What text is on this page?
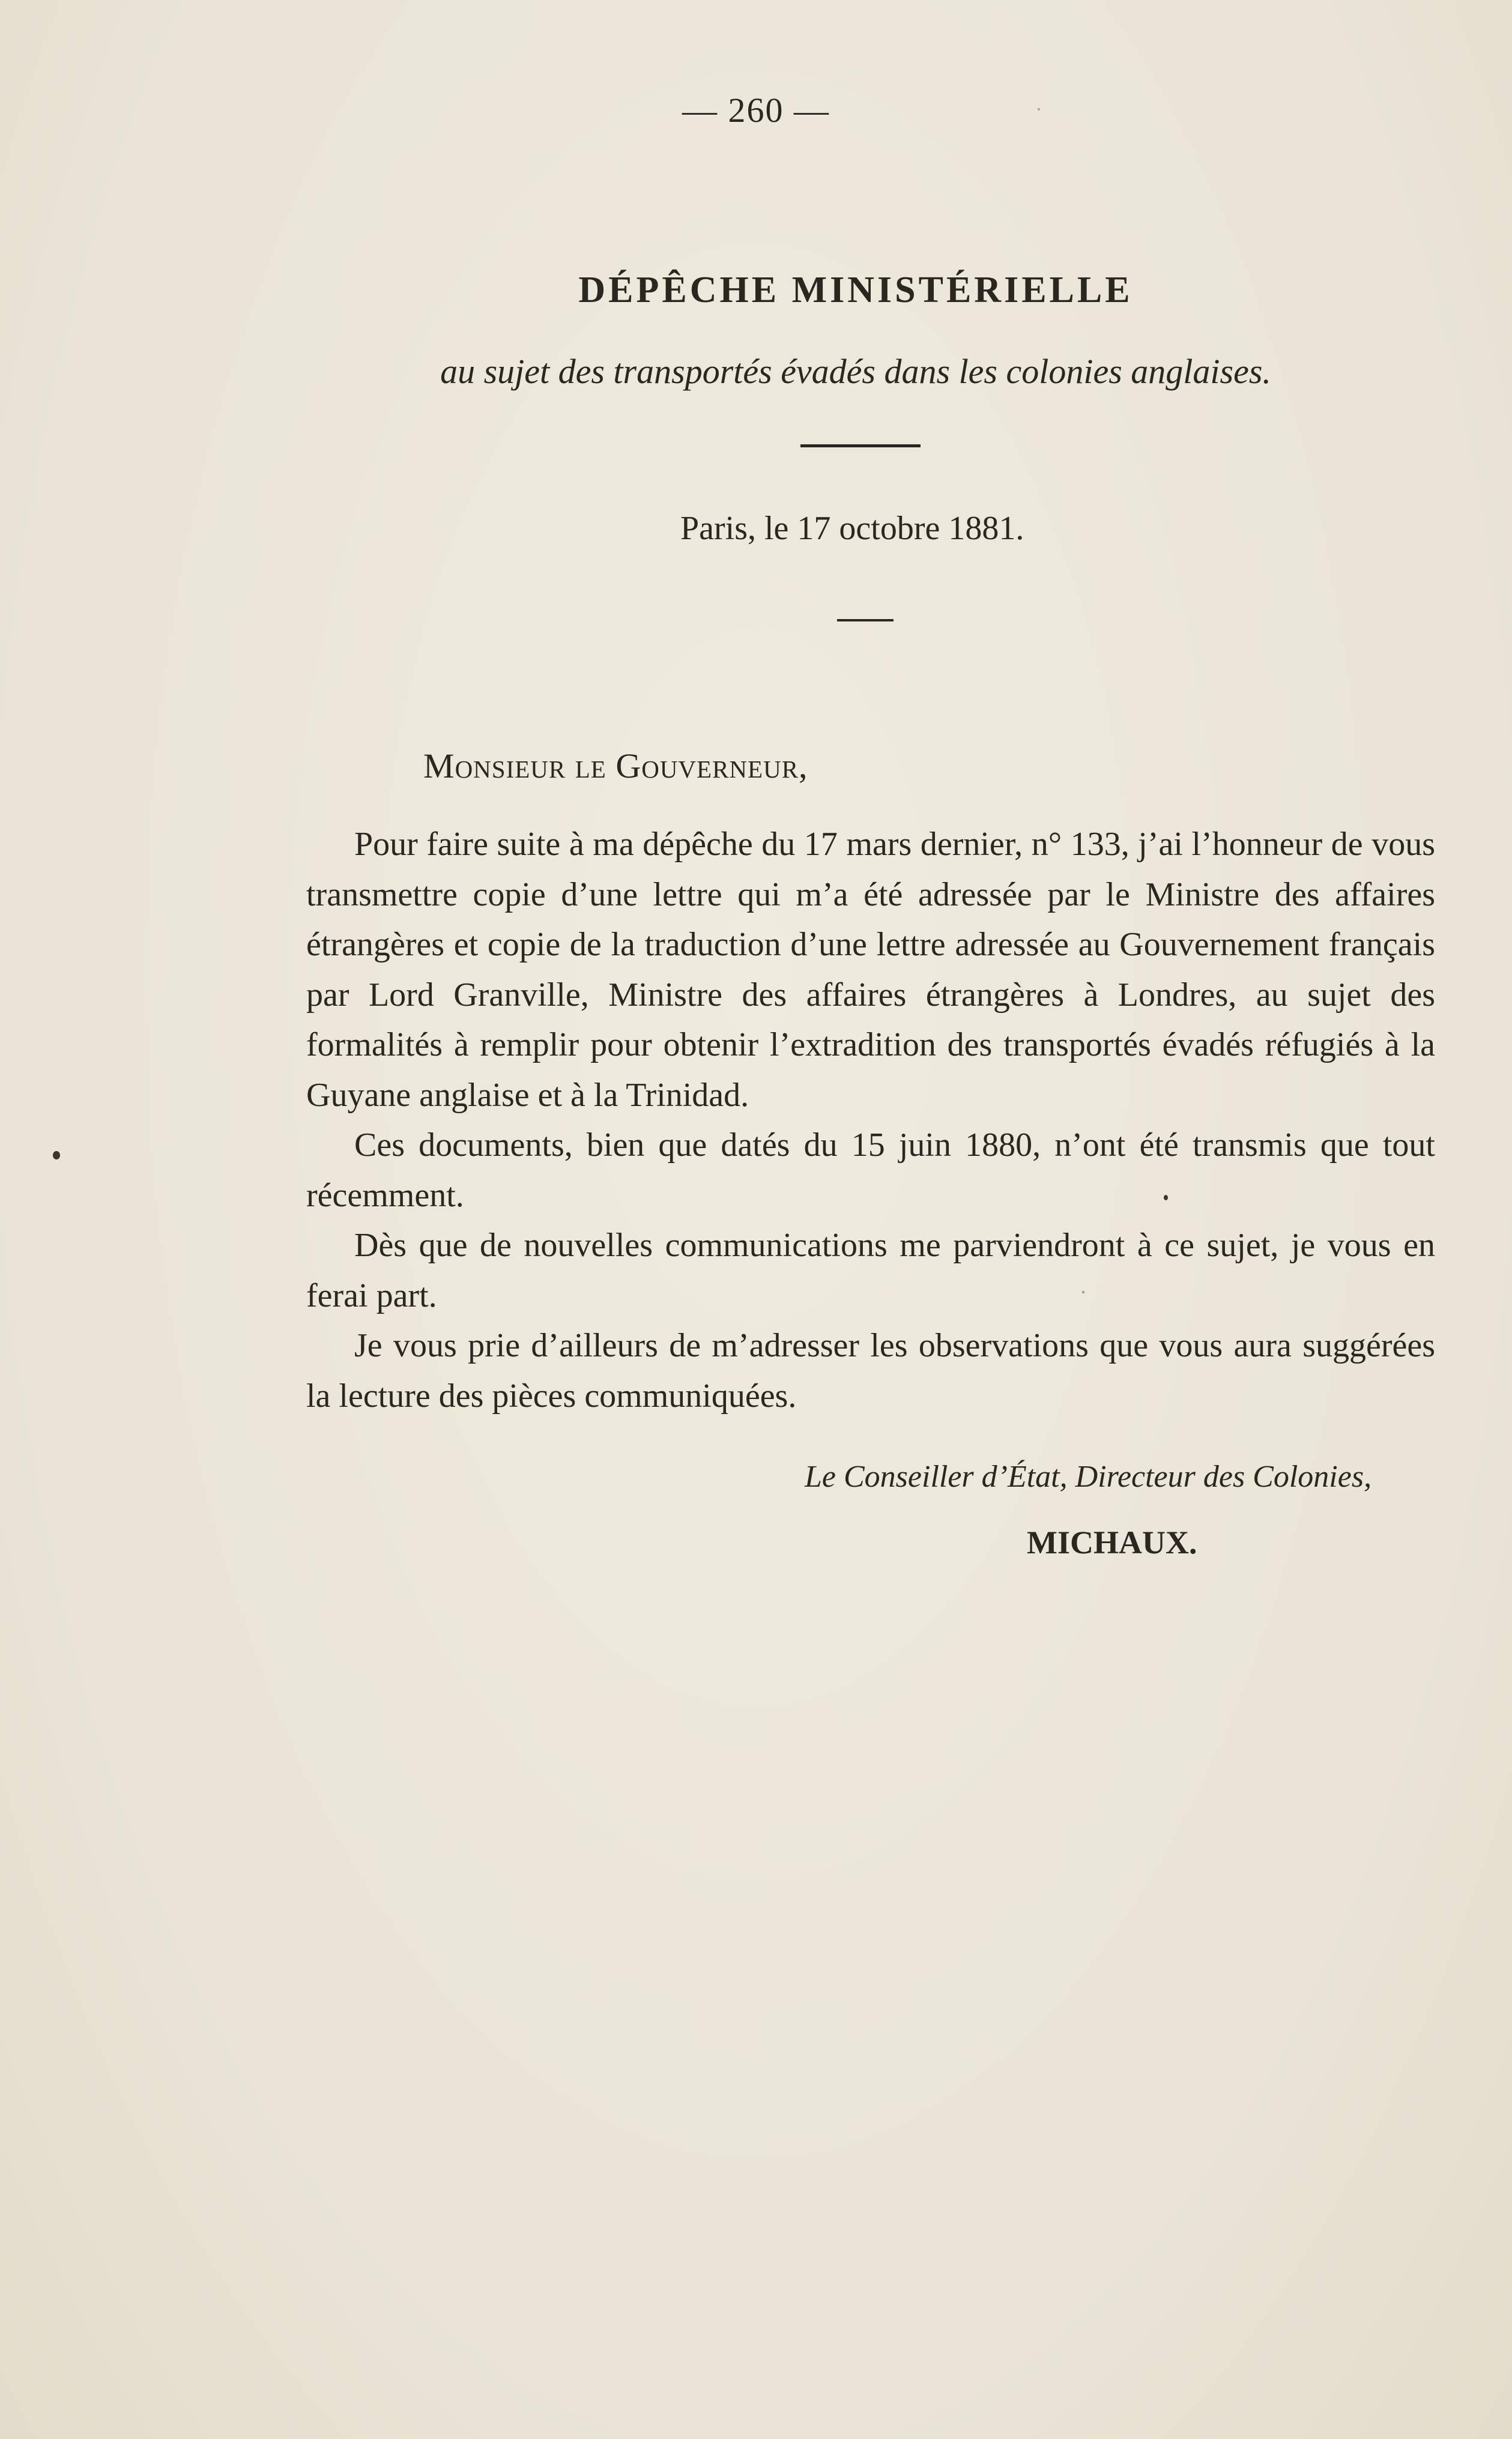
— 260 —
DÉPÊCHE MINISTÉRIELLE
au sujet des transportés évadés dans les colonies anglaises.
Paris, le 17 octobre 1881.
Monsieur le Gouverneur,

Pour faire suite à ma dépêche du 17 mars dernier, n° 133, j’ai l’honneur de vous transmettre copie d’une lettre qui m’a été adressée par le Ministre des affaires étrangères et copie de la traduction d’une lettre adressée au Gouvernement français par Lord Granville, Ministre des affaires étrangères à Londres, au sujet des formalités à remplir pour obtenir l’extradition des transportés évadés réfugiés à la Guyane anglaise et à la Trinidad.

Ces documents, bien que datés du 15 juin 1880, n’ont été transmis que tout récemment.

Dès que de nouvelles communications me parviendront à ce sujet, je vous en ferai part.

Je vous prie d’ailleurs de m’adresser les observations que vous aura suggérées la lecture des pièces communiquées.

Le Conseiller d’État, Directeur des Colonies,
MICHAUX.
